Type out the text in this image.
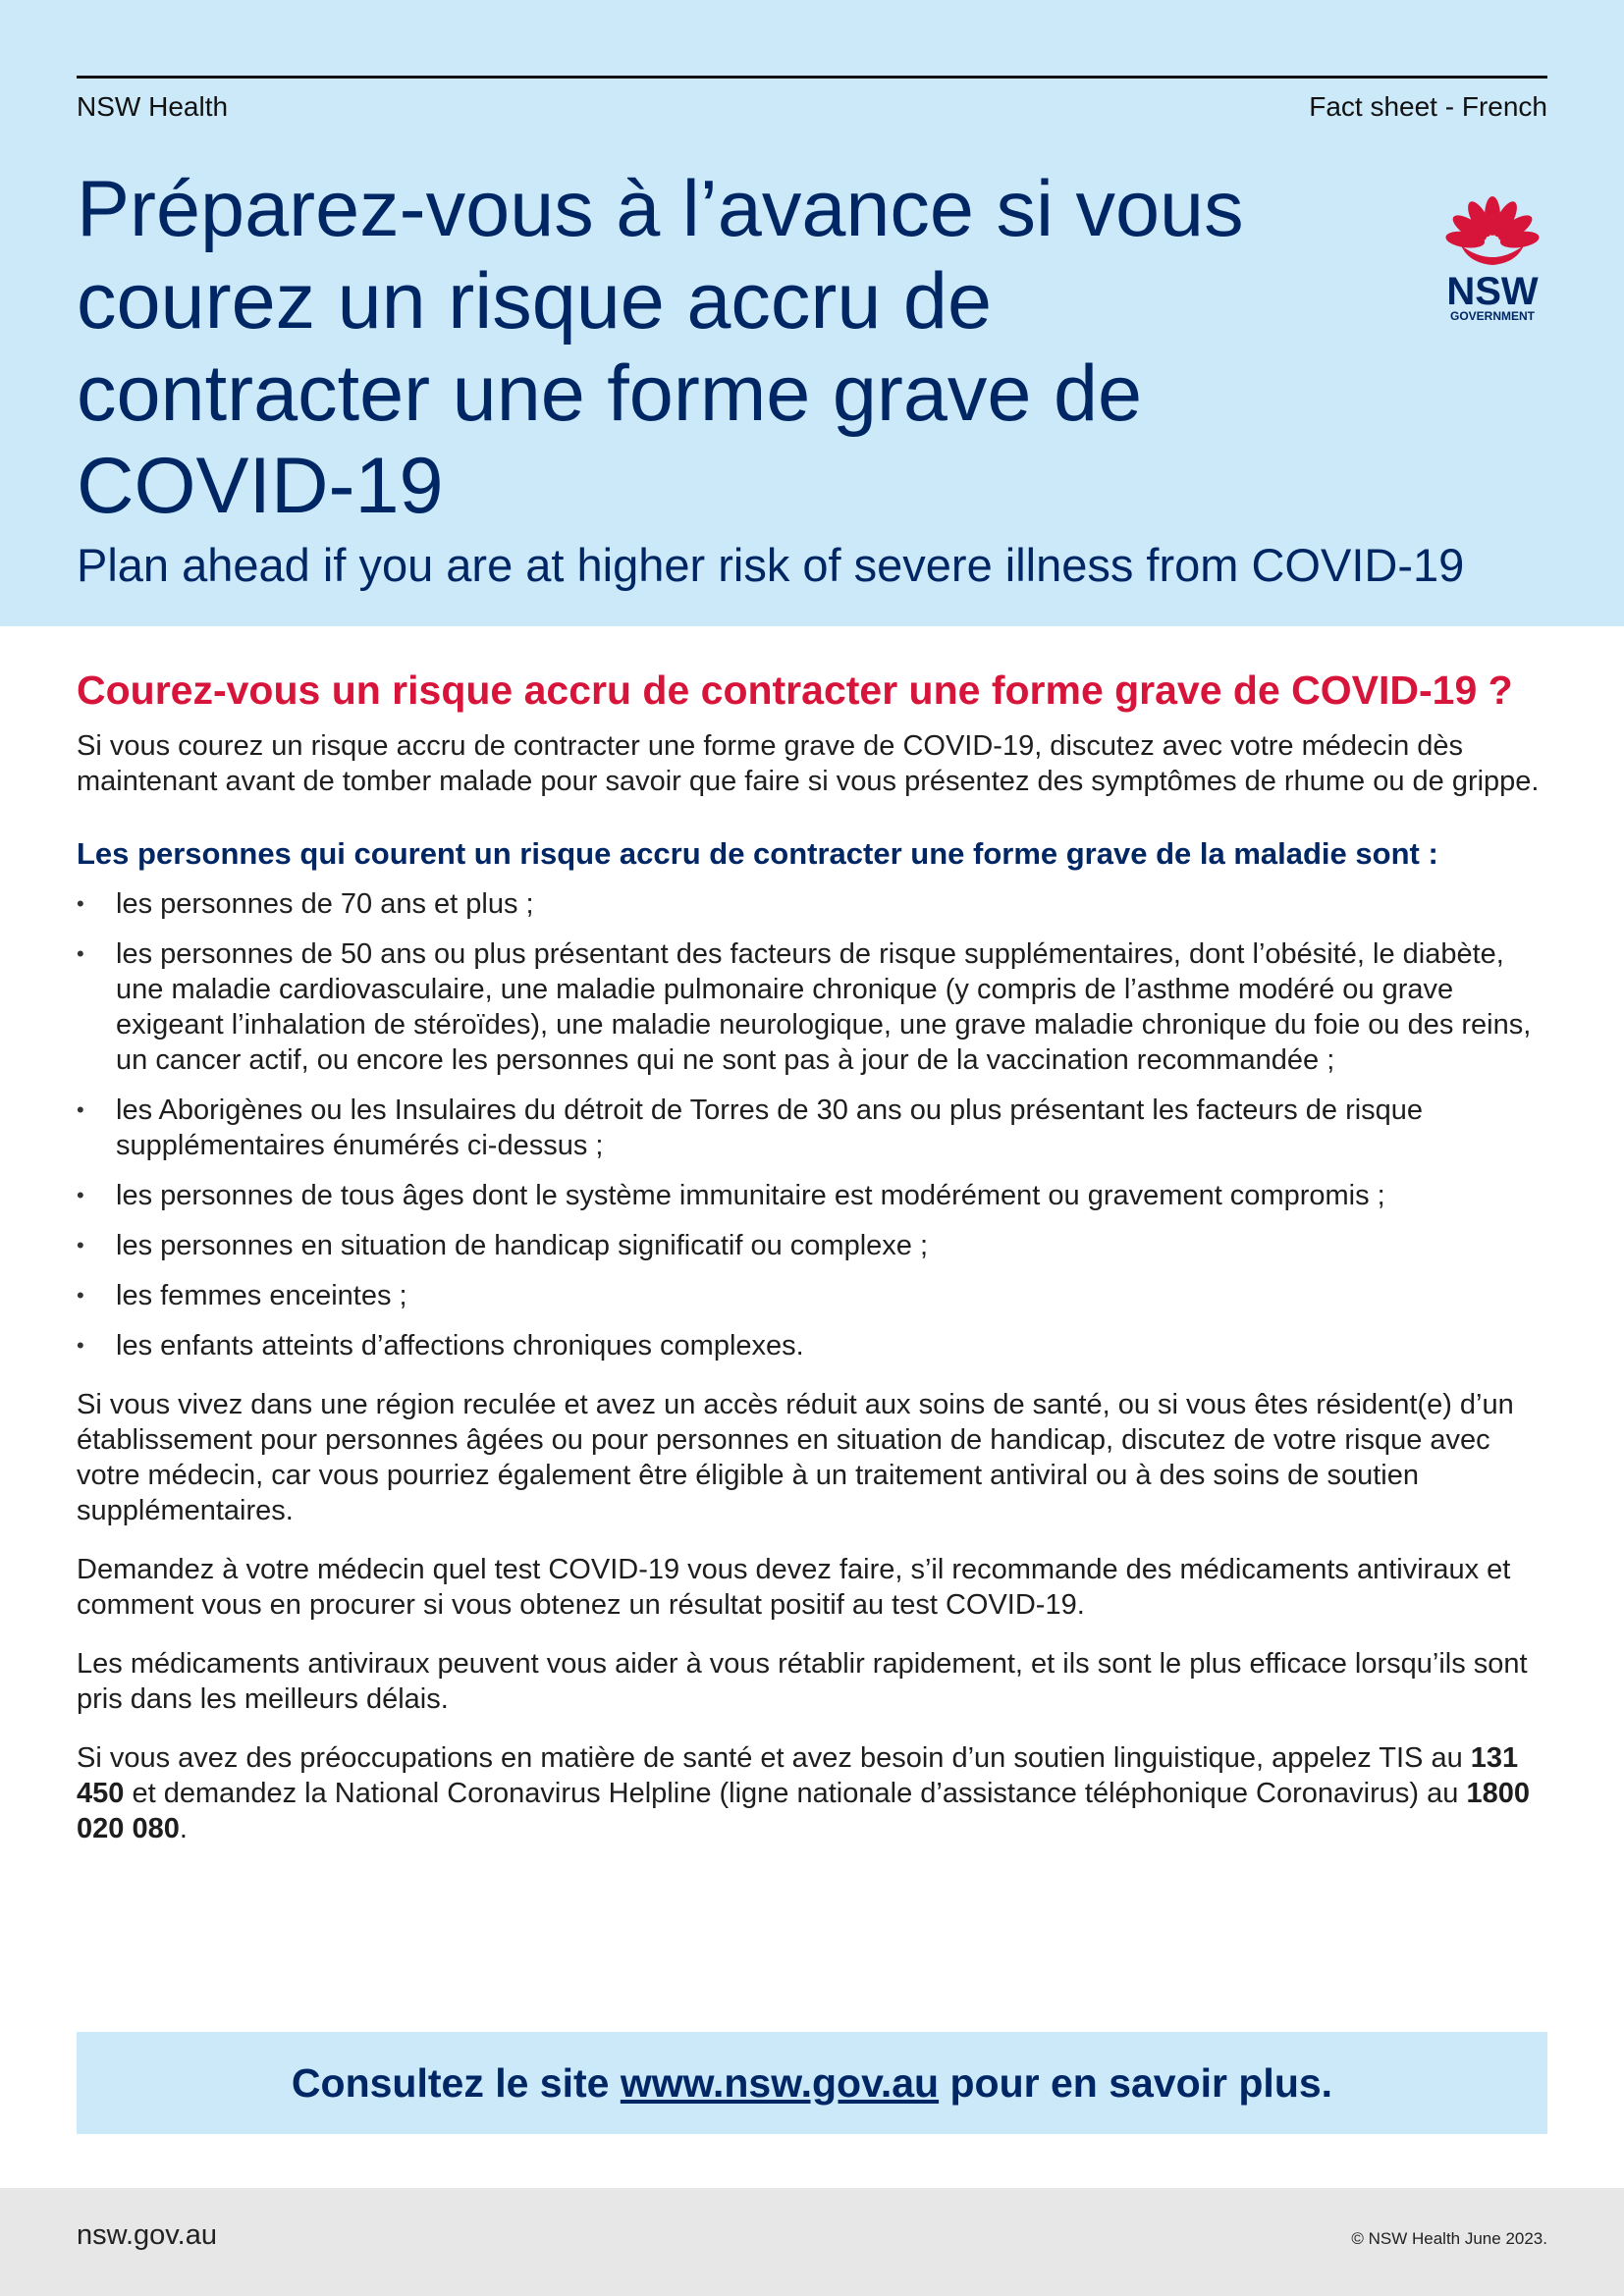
NSW Health	Fact sheet - French
Préparez-vous à l’avance si vous courez un risque accru de contracter une forme grave de COVID-19
Plan ahead if you are at higher risk of severe illness from COVID-19
NSW
GOVERNMENT
Courez-vous un risque accru de contracter une forme grave de COVID-19 ?

Si vous courez un risque accru de contracter une forme grave de COVID-19, discutez avec votre médecin dès maintenant avant de tomber malade pour savoir que faire si vous présentez des symptômes de rhume ou de grippe.

Les personnes qui courent un risque accru de contracter une forme grave de la maladie sont :
• les personnes de 70 ans et plus ;
• les personnes de 50 ans ou plus présentant des facteurs de risque supplémentaires, dont l’obésité, le diabète, une maladie cardiovasculaire, une maladie pulmonaire chronique (y compris de l’asthme modéré ou grave exigeant l’inhalation de stéroïdes), une maladie neurologique, une grave maladie chronique du foie ou des reins, un cancer actif, ou encore les personnes qui ne sont pas à jour de la vaccination recommandée ;
• les Aborigènes ou les Insulaires du détroit de Torres de 30 ans ou plus présentant les facteurs de risque supplémentaires énumérés ci-dessus ;
• les personnes de tous âges dont le système immunitaire est modérément ou gravement compromis ;
• les personnes en situation de handicap significatif ou complexe ;
• les femmes enceintes ;
• les enfants atteints d’affections chroniques complexes.

Si vous vivez dans une région reculée et avez un accès réduit aux soins de santé, ou si vous êtes résident(e) d’un établissement pour personnes âgées ou pour personnes en situation de handicap, discutez de votre risque avec votre médecin, car vous pourriez également être éligible à un traitement antiviral ou à des soins de soutien supplémentaires.

Demandez à votre médecin quel test COVID-19 vous devez faire, s’il recommande des médicaments antiviraux et comment vous en procurer si vous obtenez un résultat positif au test COVID-19.

Les médicaments antiviraux peuvent vous aider à vous rétablir rapidement, et ils sont le plus efficace lorsqu’ils sont pris dans les meilleurs délais.

Si vous avez des préoccupations en matière de santé et avez besoin d’un soutien linguistique, appelez TIS au 131 450 et demandez la National Coronavirus Helpline (ligne nationale d’assistance téléphonique Coronavirus) au 1800 020 080.

Consultez le site www.nsw.gov.au pour en savoir plus.
nsw.gov.au	© NSW Health June 2023.
